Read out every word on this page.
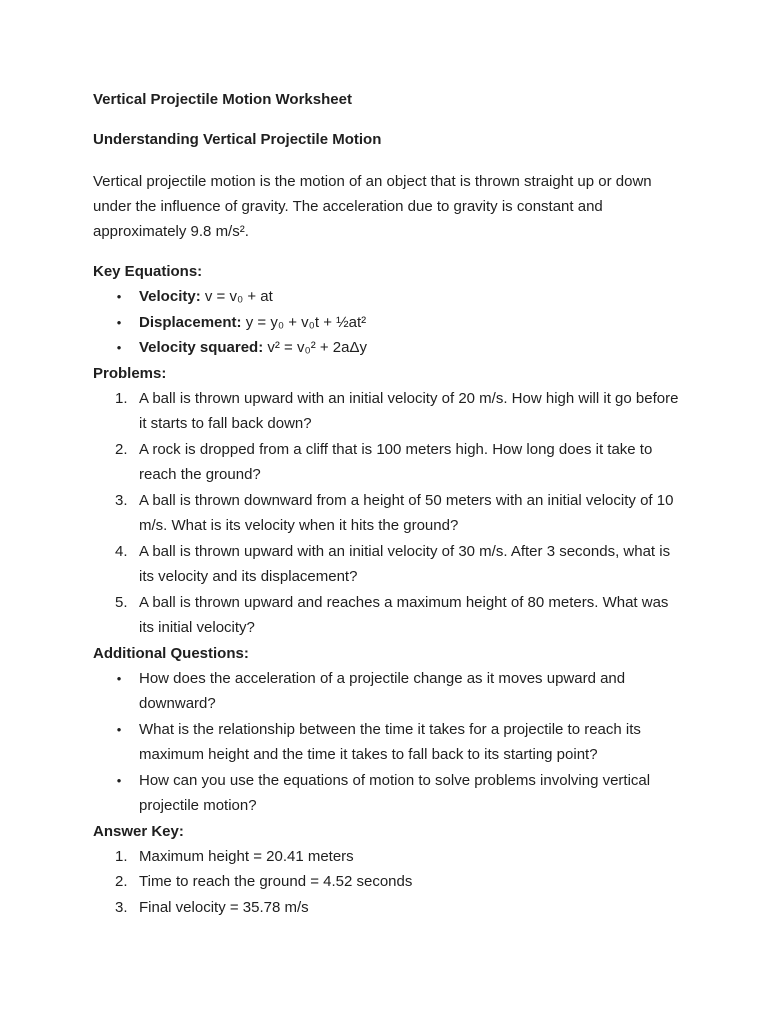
Vertical Projectile Motion Worksheet

Understanding Vertical Projectile Motion

Vertical projectile motion is the motion of an object that is thrown straight up or down under the influence of gravity. The acceleration due to gravity is constant and approximately 9.8 m/s².

Key Equations:

• Velocity: v = v₀ + at
• Displacement: y = y₀ + v₀t + ½at²
• Velocity squared: v² = v₀² + 2aΔy

Problems:

1. A ball is thrown upward with an initial velocity of 20 m/s. How high will it go before it starts to fall back down?
2. A rock is dropped from a cliff that is 100 meters high. How long does it take to reach the ground?
3. A ball is thrown downward from a height of 50 meters with an initial velocity of 10 m/s. What is its velocity when it hits the ground?
4. A ball is thrown upward with an initial velocity of 30 m/s. After 3 seconds, what is its velocity and its displacement?
5. A ball is thrown upward and reaches a maximum height of 80 meters. What was its initial velocity?

Additional Questions:

• How does the acceleration of a projectile change as it moves upward and downward?
• What is the relationship between the time it takes for a projectile to reach its maximum height and the time it takes to fall back to its starting point?
• How can you use the equations of motion to solve problems involving vertical projectile motion?

Answer Key:

1. Maximum height = 20.41 meters
2. Time to reach the ground = 4.52 seconds
3. Final velocity = 35.78 m/s
